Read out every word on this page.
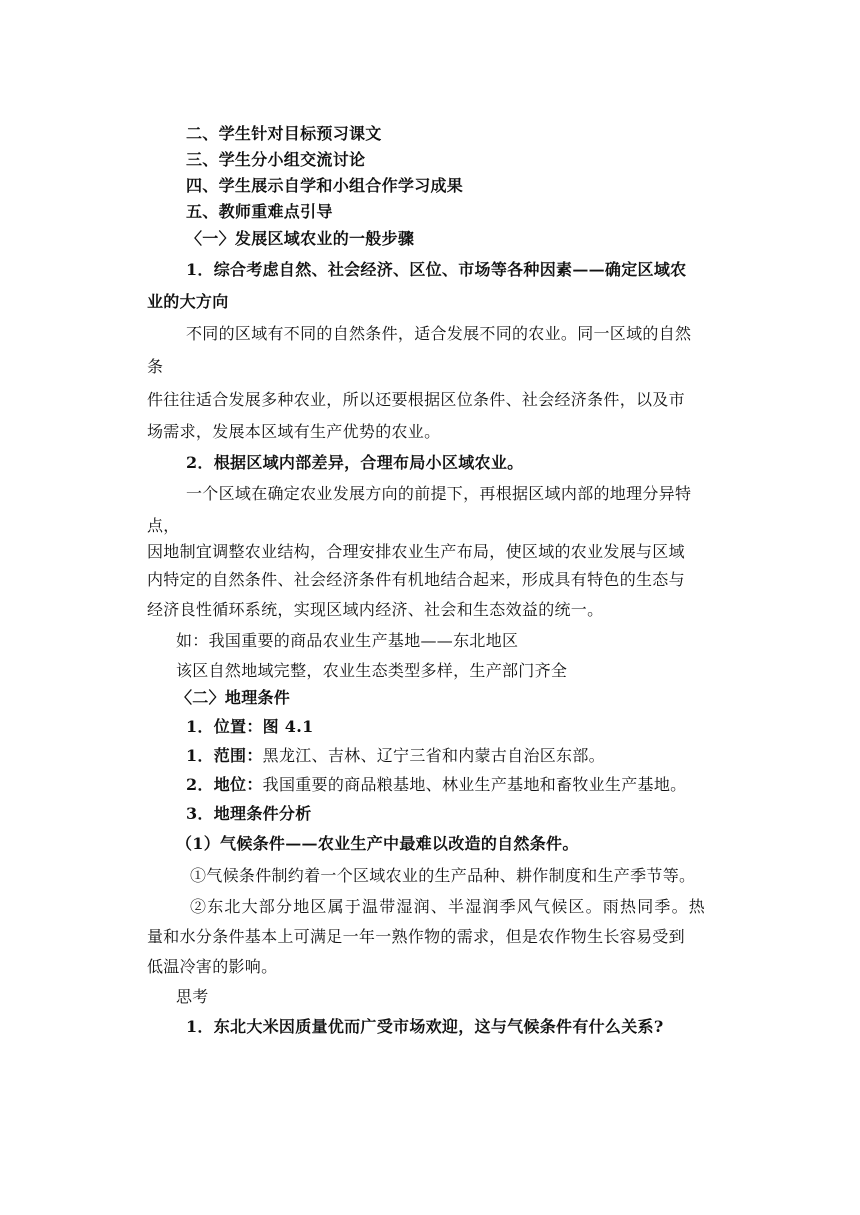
二、学生针对目标预习课文
三、学生分小组交流讨论
四、学生展示自学和小组合作学习成果
五、教师重难点引导
〈一〉发展区域农业的一般步骤
1．综合考虑自然、社会经济、区位、市场等各种因素——确定区域农
业的大方向
不同的区域有不同的自然条件，适合发展不同的农业。同一区域的自然
条
件往往适合发展多种农业，所以还要根据区位条件、社会经济条件，以及市
场需求，发展本区域有生产优势的农业。
2．根据区域内部差异，合理布局小区域农业。
一个区域在确定农业发展方向的前提下，再根据区域内部的地理分异特
点，
因地制宜调整农业结构，合理安排农业生产布局，使区域的农业发展与区域
内特定的自然条件、社会经济条件有机地结合起来，形成具有特色的生态与
经济良性循环系统，实现区域内经济、社会和生态效益的统一。
如：我国重要的商品农业生产基地——东北地区
该区自然地域完整，农业生态类型多样，生产部门齐全
〈二〉地理条件
1．位置：图 4.1
1．范围：黑龙江、吉林、辽宁三省和内蒙古自治区东部。
2．地位：我国重要的商品粮基地、林业生产基地和畜牧业生产基地。
3．地理条件分析
（1）气候条件——农业生产中最难以改造的自然条件。
①气候条件制约着一个区域农业的生产品种、耕作制度和生产季节等。
②东北大部分地区属于温带湿润、半湿润季风气候区。雨热同季。热
量和水分条件基本上可满足一年一熟作物的需求，但是农作物生长容易受到
低温冷害的影响。
思考
1．东北大米因质量优而广受市场欢迎，这与气候条件有什么关系?
